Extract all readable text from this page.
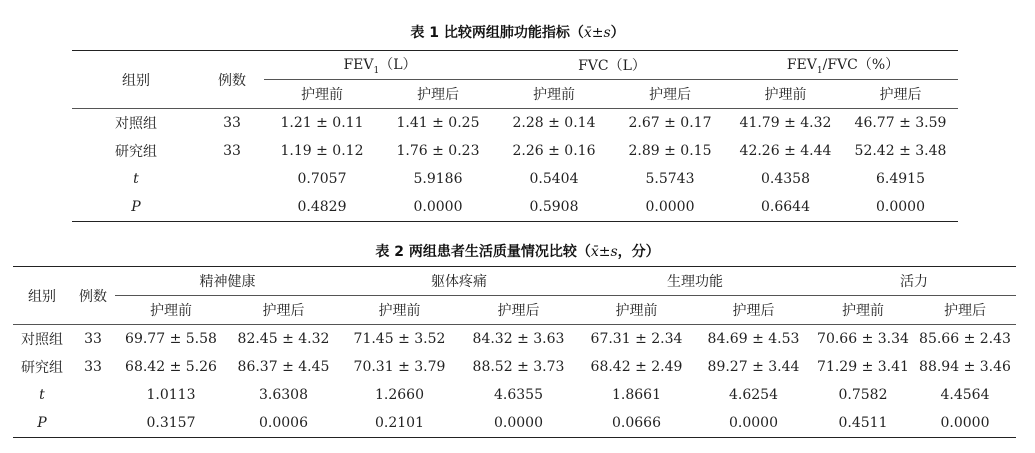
表 1 比较两组肺功能指标（x̄±s）
组别	例数	$FEV_1(L)$		FVC（L）		$FEV_1/FVC(\%)$	
		护理前	护理后	护理前	护理后	护理前	护理后
对照组	33	1.21 ± 0.11	1.41 ± 0.25	2.28 ± 0.14	2.67 ± 0.17	41.79 ± 4.32	46.77 ± 3.59
研究组	33	1.19 ± 0.12	1.76 ± 0.23	2.26 ± 0.16	2.89 ± 0.15	42.26 ± 4.44	52.42 ± 3.48
t		0.7057	5.9186	0.5404	5.5743	0.4358	6.4915
P		0.4829	0.0000	0.5908	0.0000	0.6644	0.0000
表 2 两组患者生活质量情况比较（x̄±s，分）
组别	例数	精神健康		躯体疼痛		生理功能		活力	
		护理前	护理后	护理前	护理后	护理前	护理后	护理前	护理后
对照组	33	69.77 ± 5.58	82.45 ± 4.32	71.45 ± 3.52	84.32 ± 3.63	67.31 ± 2.34	84.69 ± 4.53	70.66 ± 3.34	85.66 ± 2.43
研究组	33	68.42 ± 5.26	86.37 ± 4.45	70.31 ± 3.79	88.52 ± 3.73	68.42 ± 2.49	89.27 ± 3.44	71.29 ± 3.41	88.94 ± 3.46
t		1.0113	3.6308	1.2660	4.6355	1.8661	4.6254	0.7582	4.4564
P		0.3157	0.0006	0.2101	0.0000	0.0666	0.0000	0.4511	0.0000
